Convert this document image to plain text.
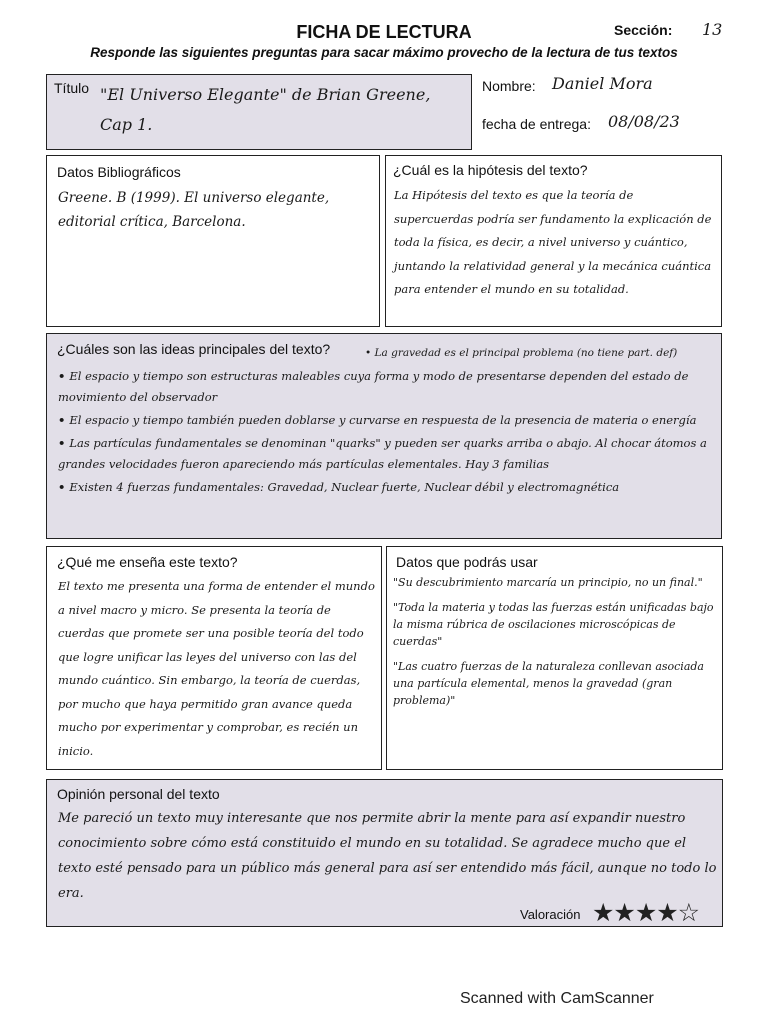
FICHA DE LECTURA	Sección: 13
Responde las siguientes preguntas para sacar máximo provecho de la lectura de tus textos
Título "El Universo Elegante" de Brian Greene, Cap 1.
Nombre: Daniel Mora
fecha de entrega: 08/08/23
Datos Bibliográficos
Greene. B (1999). El universo elegante, editorial crítica, Barcelona.
¿Cuál es la hipótesis del texto?
La Hipótesis del texto es que la teoría de supercuerdas podría ser fundamento la explicación de toda la física, es decir, a nivel universo y cuántico, juntando la relatividad general y la mecánica cuántica para entender el mundo en su totalidad.
¿Cuáles son las ideas principales del texto?	• La gravedad es el principal problema (no tiene part. def)

• El espacio y tiempo son estructuras maleables cuya forma y modo de presentarse dependen del estado de movimiento del observador

• El espacio y tiempo también pueden doblarse y curvarse en respuesta de la presencia de materia o energía

• Las partículas fundamentales se denominan "quarks" y pueden ser quarks arriba o abajo. Al chocar átomos a grandes velocidades fueron apareciendo más partículas elementales. Hay 3 familias

• Existen 4 fuerzas fundamentales: Gravedad, Nuclear fuerte, Nuclear débil y electromagnética

¿Qué me enseña este texto?
El texto me presenta una forma de entender el mundo a nivel macro y micro. Se presenta la teoría de cuerdas que promete ser una posible teoría del todo que logre unificar las leyes del universo con las del mundo cuántico. Sin embargo, la teoría de cuerdas, por mucho que haya permitido gran avance queda mucho por experimentar y comprobar, es recién un inicio.
Datos que podrás usar

"Su descubrimiento marcaría un principio, no un final."

"Toda la materia y todas las fuerzas están unificadas bajo la misma rúbrica de oscilaciones microscópicas de cuerdas"

"Las cuatro fuerzas de la naturaleza conllevan asociada una partícula elemental, menos la gravedad (gran problema)"

Opinión personal del texto
Me pareció un texto muy interesante que nos permite abrir la mente para así expandir nuestro conocimiento sobre cómo está constituido el mundo en su totalidad. Se agradece mucho que el texto esté pensado para un público más general para así ser entendido más fácil, aunque no todo lo era.
Valoración ★★★★☆
Scanned with CamScanner
